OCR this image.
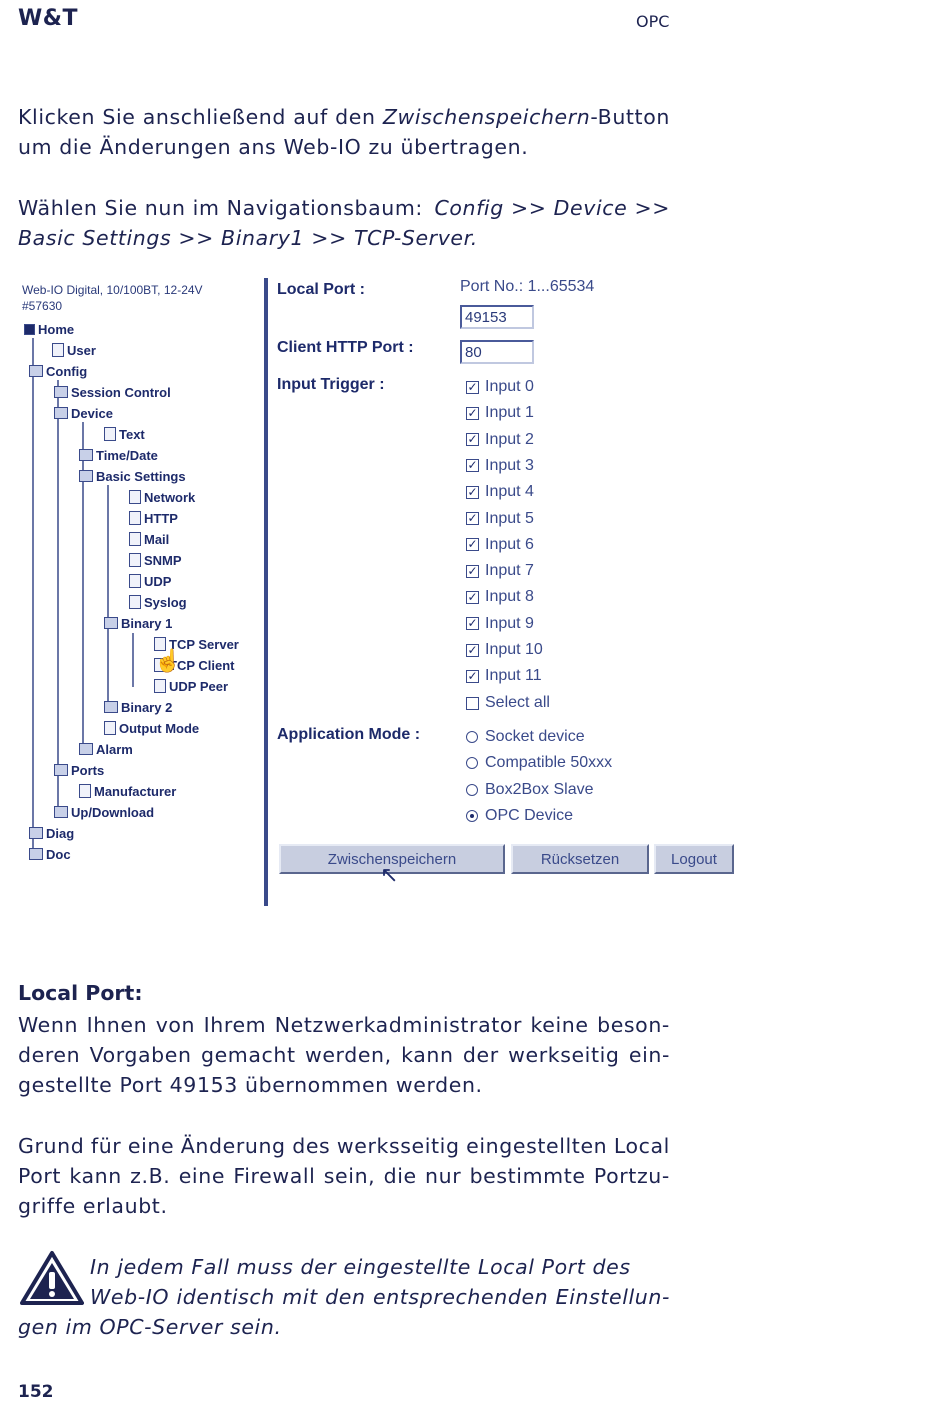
W&T	OPC
Klicken Sie anschließend auf den Zwischenspeichern-Button
um die Änderungen ans Web-IO zu übertragen.
Wählen Sie nun im Navigationsbaum: Config >> Device >>
Basic Settings >> Binary1 >> TCP-Server.
Web-IO Digital, 10/100BT, 12-24V
#57630
Home
User
Config
Session Control
Device
Text
Time/Date
Basic Settings
Network
HTTP
Mail
SNMP
UDP
Syslog
Binary 1
TCP Server
TCP Client
UDP Peer
Binary 2
Output Mode
Alarm
Ports
Manufacturer
Up/Download
Diag
Doc
Local Port :	Port No.: 1...65534
49153
Client HTTP Port :	80
Input Trigger :	✓ Input 0
✓ Input 1
✓ Input 2
✓ Input 3
✓ Input 4
✓ Input 5
✓ Input 6
✓ Input 7
✓ Input 8
✓ Input 9
✓ Input 10
✓ Input 11
Select all
Application Mode :	Socket device
Compatible 50xxx
Box2Box Slave
OPC Device
Zwischenspeichern	Rücksetzen	Logout
↖
☝
Local Port:
Wenn Ihnen von Ihrem Netzwerkadministrator keine beson-
deren Vorgaben gemacht werden, kann der werkseitig ein-
gestellte Port 49153 übernommen werden.
Grund für eine Änderung des werksseitig eingestellten Local
Port kann z.B. eine Firewall sein, die nur bestimmte Portzu-
griffe erlaubt.
In jedem Fall muss der eingestellte Local Port des
Web-IO identisch mit den entsprechenden Einstellun-
gen im OPC-Server sein.
152
